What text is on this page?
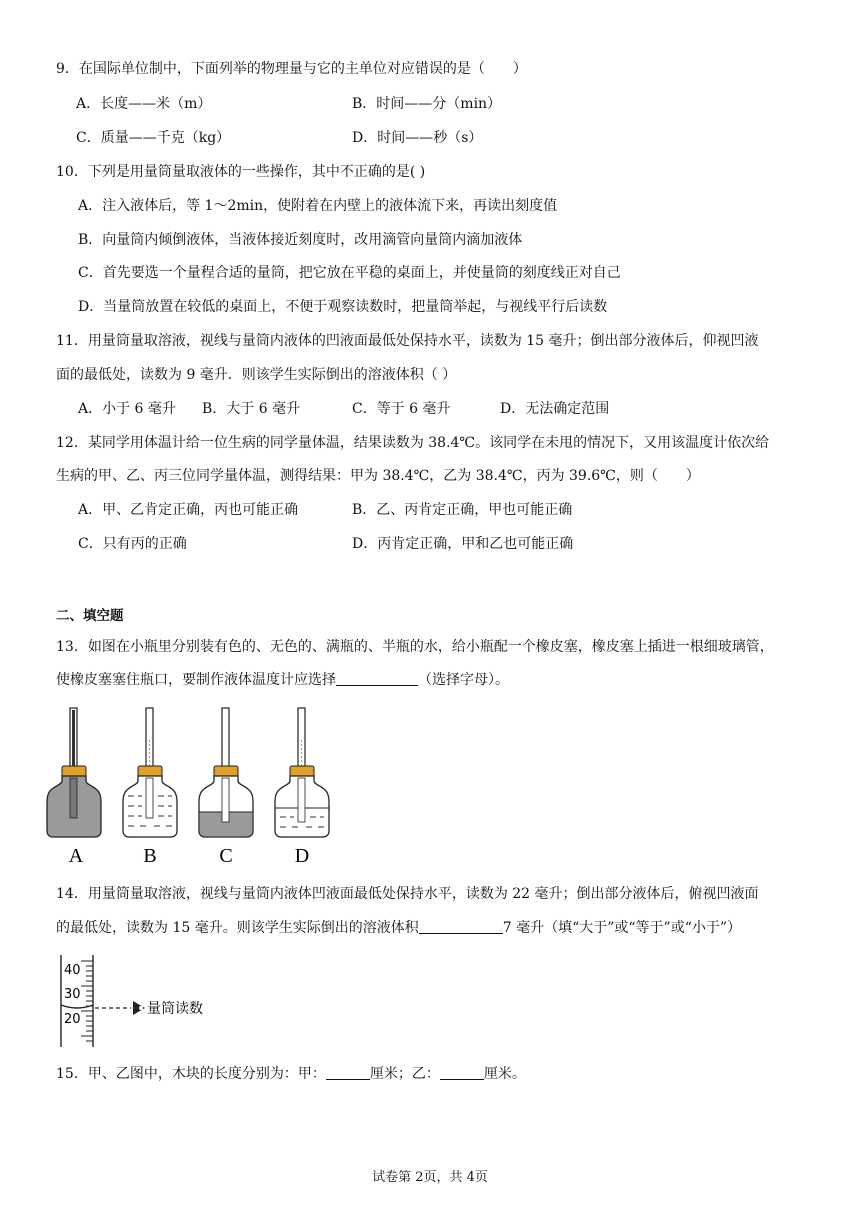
9．在国际单位制中，下面列举的物理量与它的主单位对应错误的是（　　）
A．长度——米（m）	B．时间——分（min）
C．质量——千克（kg）	D．时间——秒（s）
10．下列是用量筒量取液体的一些操作，其中不正确的是( )
A．注入液体后，等 1～2min，使附着在内壁上的液体流下来，再读出刻度值
B．向量筒内倾倒液体，当液体接近刻度时，改用滴管向量筒内滴加液体
C．首先要选一个量程合适的量筒，把它放在平稳的桌面上，并使量筒的刻度线正对自己
D．当量筒放置在较低的桌面上，不便于观察读数时，把量筒举起，与视线平行后读数
11．用量筒量取溶液，视线与量筒内液体的凹液面最低处保持水平，读数为 15 毫升；倒出部分液体后，仰视凹液
面的最低处，读数为 9 毫升．则该学生实际倒出的溶液体积（ ）
A．小于 6 毫升 B．大于 6 毫升	C．等于 6 毫升	D．无法确定范围
12．某同学用体温计给一位生病的同学量体温，结果读数为 38.4℃。该同学在未甩的情况下，又用该温度计依次给
生病的甲、乙、丙三位同学量体温，测得结果：甲为 38.4℃，乙为 38.4℃，丙为 39.6℃，则（　　）
A．甲、乙肯定正确，丙也可能正确	B．乙、丙肯定正确，甲也可能正确
C．只有丙的正确	D．丙肯定正确，甲和乙也可能正确
二、填空题
13．如图在小瓶里分别装有色的、无色的、满瓶的、半瓶的水，给小瓶配一个橡皮塞，橡皮塞上插进一根细玻璃管，
使橡皮塞塞住瓶口，要制作液体温度计应选择	（选择字母）。
A	B	C	D
14．用量筒量取溶液，视线与量筒内液体凹液面最低处保持水平，读数为 22 毫升；倒出部分液体后，俯视凹液面
的最低处，读数为 15 毫升。则该学生实际倒出的溶液体积	7 毫升（填“大于”或“等于”或“小于”）
40
30
20
量筒读数
15．甲、乙图中，木块的长度分别为：甲：	厘米；乙：	厘米。
试卷第 2页，共 4页
